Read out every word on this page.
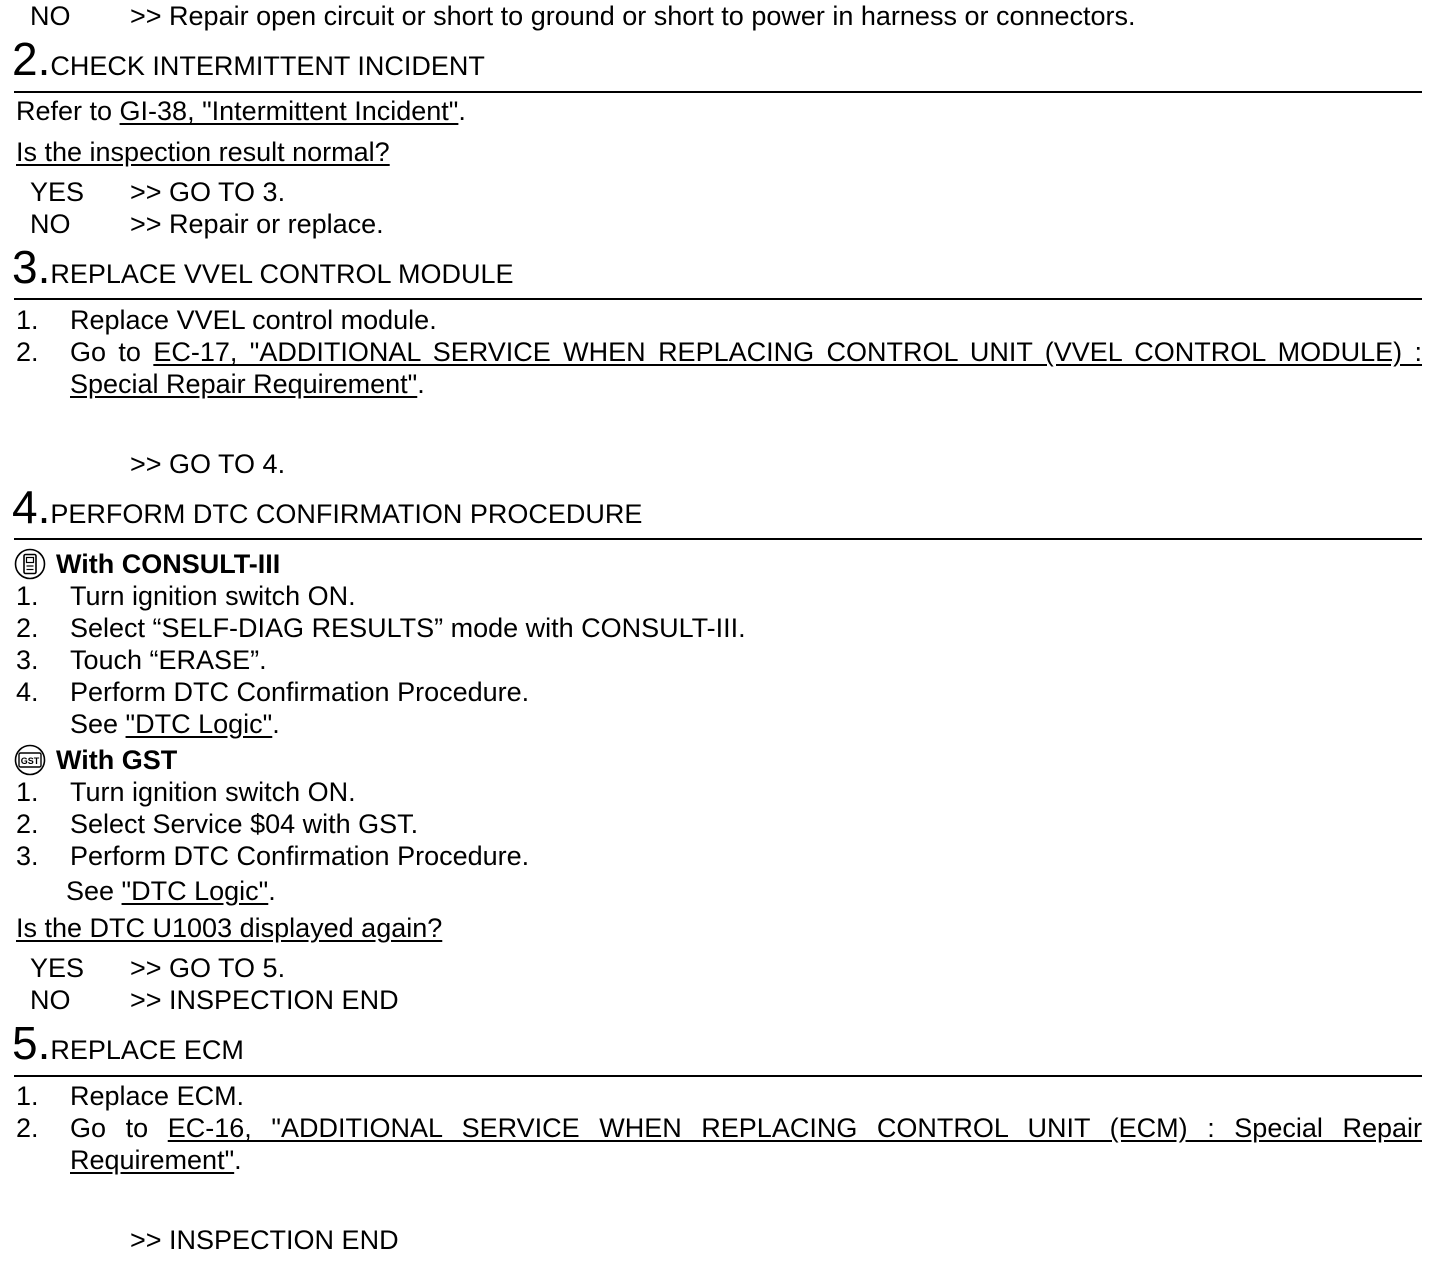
NO >> Repair open circuit or short to ground or short to power in harness or connectors.
2.CHECK INTERMITTENT INCIDENT
Refer to GI-38, "Intermittent Incident".
Is the inspection result normal?
YES >> GO TO 3.
NO >> Repair or replace.
3.REPLACE VVEL CONTROL MODULE
1. Replace VVEL control module.
2. Go to EC-17, "ADDITIONAL SERVICE WHEN REPLACING CONTROL UNIT (VVEL CONTROL MODULE) : Special Repair Requirement".
>> GO TO 4.
4.PERFORM DTC CONFIRMATION PROCEDURE
With CONSULT-III
1. Turn ignition switch ON.
2. Select “SELF-DIAG RESULTS” mode with CONSULT-III.
3. Touch “ERASE”.
4. Perform DTC Confirmation Procedure.
See "DTC Logic".
GST With GST
1. Turn ignition switch ON.
2. Select Service $04 with GST.
3. Perform DTC Confirmation Procedure.
See "DTC Logic".
Is the DTC U1003 displayed again?
YES >> GO TO 5.
NO >> INSPECTION END
5.REPLACE ECM
1. Replace ECM.
2. Go to EC-16, "ADDITIONAL SERVICE WHEN REPLACING CONTROL UNIT (ECM) : Special Repair Requirement".
>> INSPECTION END
